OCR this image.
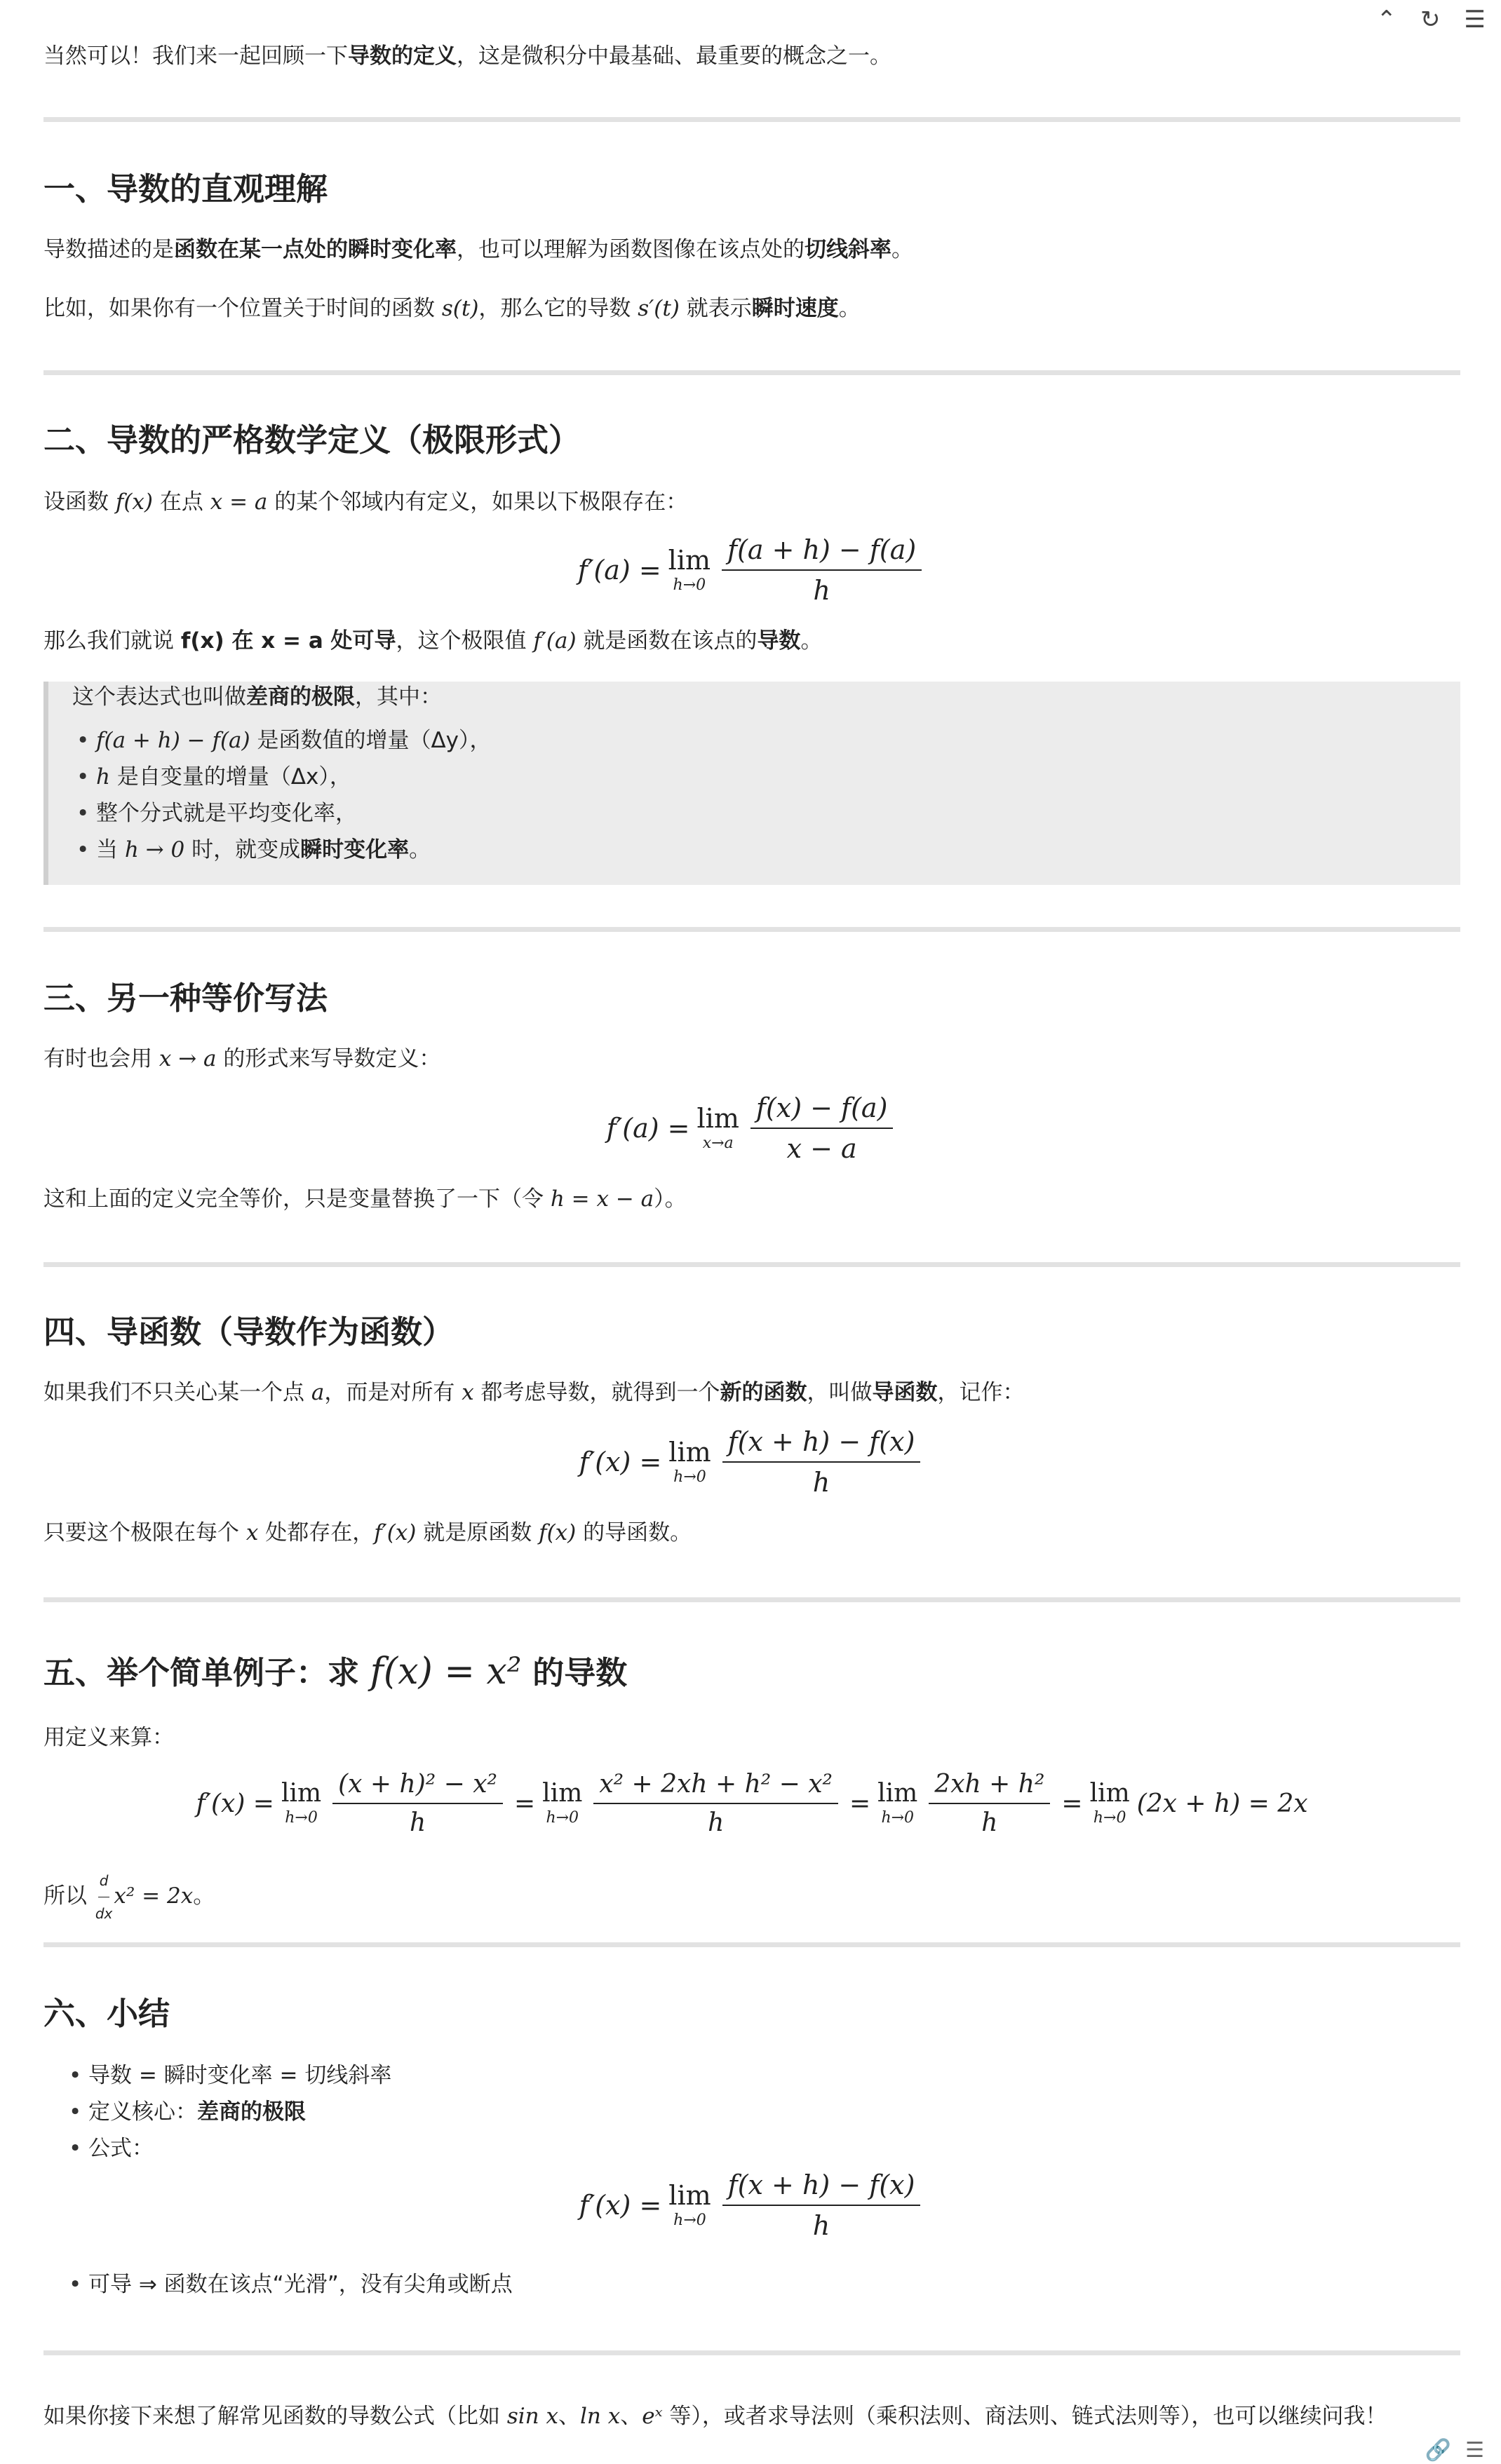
⌃ ↻ ☰

当然可以！我们来一起回顾一下导数的定义，这是微积分中最基础、最重要的概念之一。

一、导数的直观理解

导数描述的是函数在某一点处的瞬时变化率，也可以理解为函数图像在该点处的切线斜率。

比如，如果你有一个位置关于时间的函数 s(t)，那么它的导数 s′(t) 就表示瞬时速度。

二、导数的严格数学定义（极限形式）

设函数 f(x) 在点 x = a 的某个邻域内有定义，如果以下极限存在：

f′(a) = lim
$h\to 0 \frac{f(a + h) - f(a)}{h}$

那么我们就说 f(x) 在 x = a 处可导，这个极限值 f′(a) 就是函数在该点的导数。

这个表达式也叫做差商的极限，其中：

• f(a + h) − f(a) 是函数值的增量（Δy），
• h 是自变量的增量（Δx），
• 整个分式就是平均变化率，
• 当 h → 0 时，就变成瞬时变化率。
三、另一种等价写法

有时也会用 x → a 的形式来写导数定义：

f′(a) = lim
$x\to a \frac{f(x) - f(a)}{x - a}$

这和上面的定义完全等价，只是变量替换了一下（令 h = x − a）。

四、导函数（导数作为函数）

如果我们不只关心某一个点 a，而是对所有 x 都考虑导数，就得到一个新的函数，叫做导函数，记作：

f′(x) = lim
$h\to 0 \frac{f(x + h) - f(x)}{h}$

只要这个极限在每个 x 处都存在，f′(x) 就是原函数 f(x) 的导函数。

五、举个简单例子：求 f(x) = x² 的导数

用定义来算：

f′(x) = lim
$h\to 0 \frac{\text{(x + h)² − x²}}{h} = \lim$
$h\to 0 \frac{\text{x² + 2xh + h² − x²}}{h} = \lim$
$h\to 0 \frac{\text{2xh + h²}}{h} = \lim$
h→0 (2x + h) = 2x

所以 $\frac{d}{dx} x^2 = 2x$。

六、小结
• 导数 = 瞬时变化率 = 切线斜率
• 定义核心：差商的极限
• 公式：
f′(x) = lim
$h\to 0 \frac{f(x + h) - f(x)}{h}$
• 可导 ⇒ 函数在该点“光滑”，没有尖角或断点

如果你接下来想了解常见函数的导数公式（比如 sin x、ln x、eˣ 等），或者求导法则（乘积法则、商法则、链式法则等），也可以继续问我！

🔗 ☰
